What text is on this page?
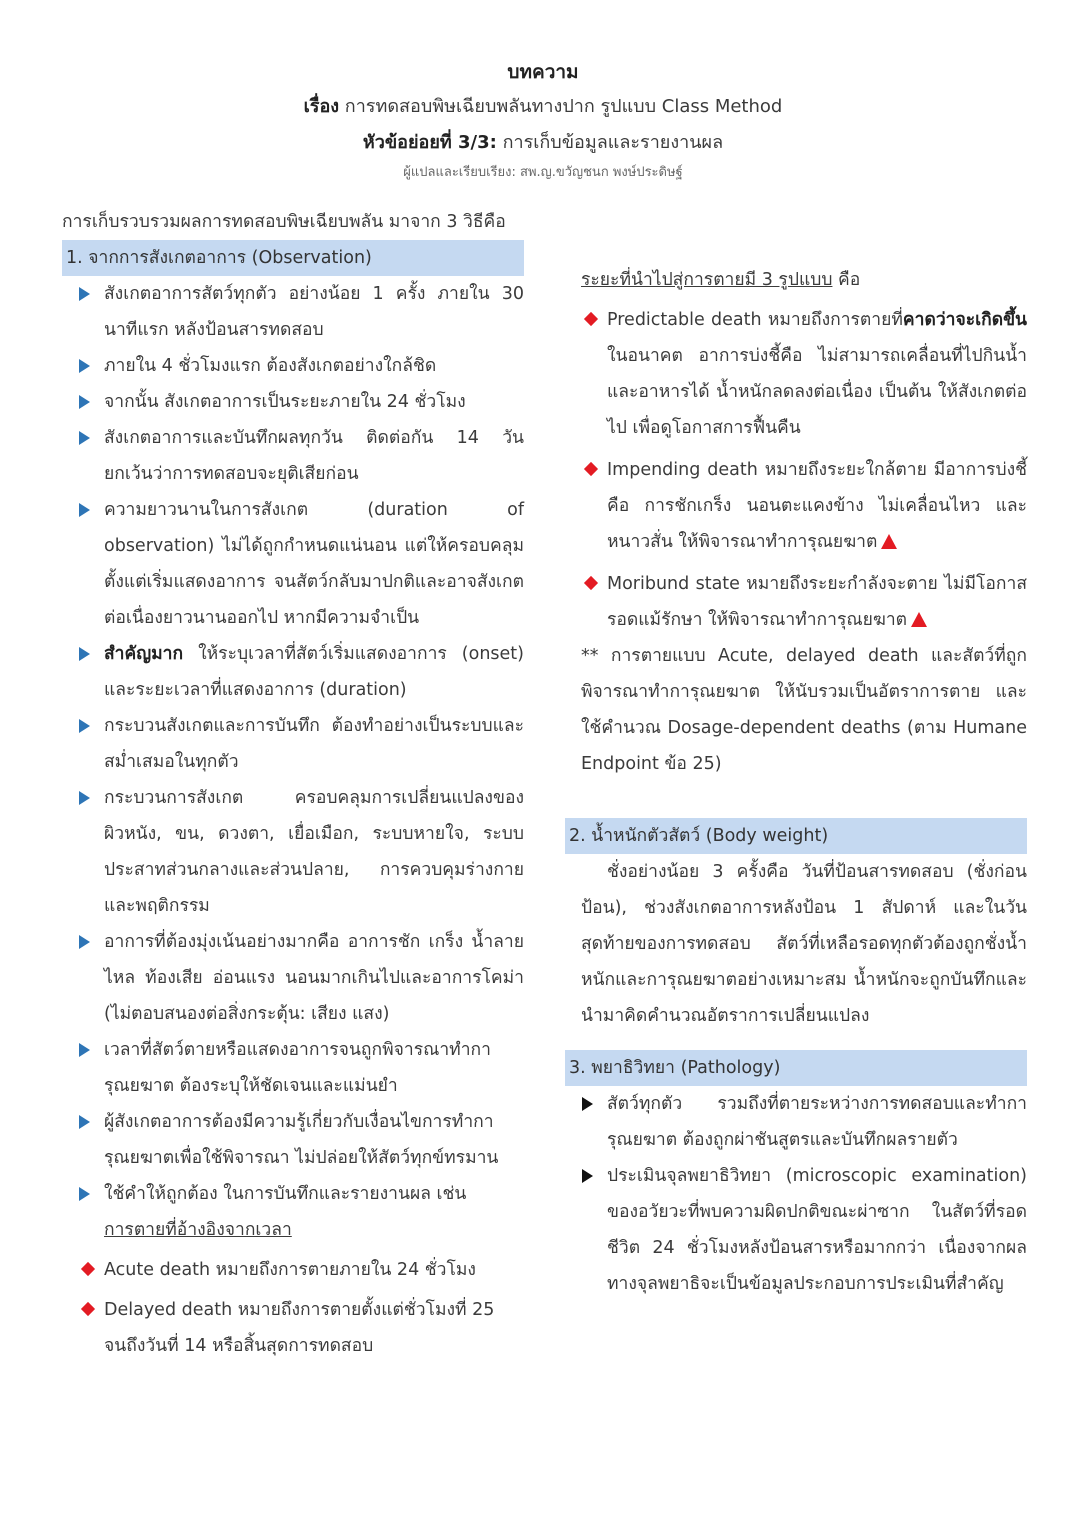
บทความ

เรื่อง การทดสอบพิษเฉียบพลันทางปาก รูปแบบ Class Method

หัวข้อย่อยที่ 3/3: การเก็บข้อมูลและรายงานผล

ผู้แปลและเรียบเรียง: สพ.ญ.ขวัญชนก พงษ์ประดิษฐ์

การเก็บรวบรวมผลการทดสอบพิษเฉียบพลัน มาจาก 3 วิธีคือ

1. จากการสังเกตอาการ (Observation)

สังเกตอาการสัตว์ทุกตัว อย่างน้อย 1 ครั้ง ภายใน 30 นาทีแรก หลังป้อนสารทดสอบ
ภายใน 4 ชั่วโมงแรก ต้องสังเกตอย่างใกล้ชิด
จากนั้น สังเกตอาการเป็นระยะภายใน 24 ชั่วโมง
สังเกตอาการและบันทึกผลทุกวัน ติดต่อกัน 14 วัน ยกเว้นว่าการทดสอบจะยุติเสียก่อน
ความยาวนานในการสังเกต (duration of observation) ไม่ได้ถูกกำหนดแน่นอน แต่ให้ครอบคลุมตั้งแต่เริ่มแสดงอาการ จนสัตว์กลับมาปกติและอาจสังเกตต่อเนื่องยาวนานออกไป หากมีความจำเป็น
สำคัญมาก ให้ระบุเวลาที่สัตว์เริ่มแสดงอาการ (onset) และระยะเวลาที่แสดงอาการ (duration)
กระบวนสังเกตและการบันทึก ต้องทำอย่างเป็นระบบและสม่ำเสมอในทุกตัว
กระบวนการสังเกต ครอบคลุมการเปลี่ยนแปลงของผิวหนัง, ขน, ดวงตา, เยื่อเมือก, ระบบหายใจ, ระบบประสาทส่วนกลางและส่วนปลาย, การควบคุมร่างกายและพฤติกรรม
อาการที่ต้องมุ่งเน้นอย่างมากคือ อาการชัก เกร็ง น้ำลายไหล ท้องเสีย อ่อนแรง นอนมากเกินไปและอาการโคม่า (ไม่ตอบสนองต่อสิ่งกระตุ้น: เสียง แสง)
เวลาที่สัตว์ตายหรือแสดงอาการจนถูกพิจารณาทำการุณยฆาต ต้องระบุให้ชัดเจนและแม่นยำ
ผู้สังเกตอาการต้องมีความรู้เกี่ยวกับเงื่อนไขการทำการุณยฆาตเพื่อใช้พิจารณา ไม่ปล่อยให้สัตว์ทุกข์ทรมาน
ใช้คำให้ถูกต้อง ในการบันทึกและรายงานผล เช่น
การตายที่อ้างอิงจากเวลา
Acute death หมายถึงการตายภายใน 24 ชั่วโมง
Delayed death หมายถึงการตายตั้งแต่ชั่วโมงที่ 25 จนถึงวันที่ 14 หรือสิ้นสุดการทดสอบ

ระยะที่นำไปสู่การตายมี 3 รูปแบบ คือ

Predictable death หมายถึงการตายที่คาดว่าจะเกิดขึ้นในอนาคต อาการบ่งชี้คือ ไม่สามารถเคลื่อนที่ไปกินน้ำและอาหารได้ น้ำหนักลดลงต่อเนื่อง เป็นต้น ให้สังเกตต่อไป เพื่อดูโอกาสการฟื้นคืน
Impending death หมายถึงระยะใกล้ตาย มีอาการบ่งชี้คือ การชักเกร็ง นอนตะแคงข้าง ไม่เคลื่อนไหว และหนาวสั่น ให้พิจารณาทำการุณยฆาต
Moribund state หมายถึงระยะกำลังจะตาย ไม่มีโอกาสรอดแม้รักษา ให้พิจารณาทำการุณยฆาต

** การตายแบบ Acute, delayed death และสัตว์ที่ถูกพิจารณาทำการุณยฆาต ให้นับรวมเป็นอัตราการตาย และใช้คำนวณ Dosage-dependent deaths (ตาม Humane Endpoint ข้อ 25)

2. น้ำหนักตัวสัตว์ (Body weight)

ชั่งอย่างน้อย 3 ครั้งคือ วันที่ป้อนสารทดสอบ (ชั่งก่อนป้อน), ช่วงสังเกตอาการหลังป้อน 1 สัปดาห์ และในวันสุดท้ายของการทดสอบ สัตว์ที่เหลือรอดทุกตัวต้องถูกชั่งน้ำหนักและการุณยฆาตอย่างเหมาะสม น้ำหนักจะถูกบันทึกและนำมาคิดคำนวณอัตราการเปลี่ยนแปลง

3. พยาธิวิทยา (Pathology)

สัตว์ทุกตัว รวมถึงที่ตายระหว่างการทดสอบและทำการุณยฆาต ต้องถูกผ่าชันสูตรและบันทึกผลรายตัว
ประเมินจุลพยาธิวิทยา (microscopic examination) ของอวัยวะที่พบความผิดปกติขณะผ่าซาก ในสัตว์ที่รอดชีวิต 24 ชั่วโมงหลังป้อนสารหรือมากกว่า เนื่องจากผลทางจุลพยาธิจะเป็นข้อมูลประกอบการประเมินที่สำคัญ
